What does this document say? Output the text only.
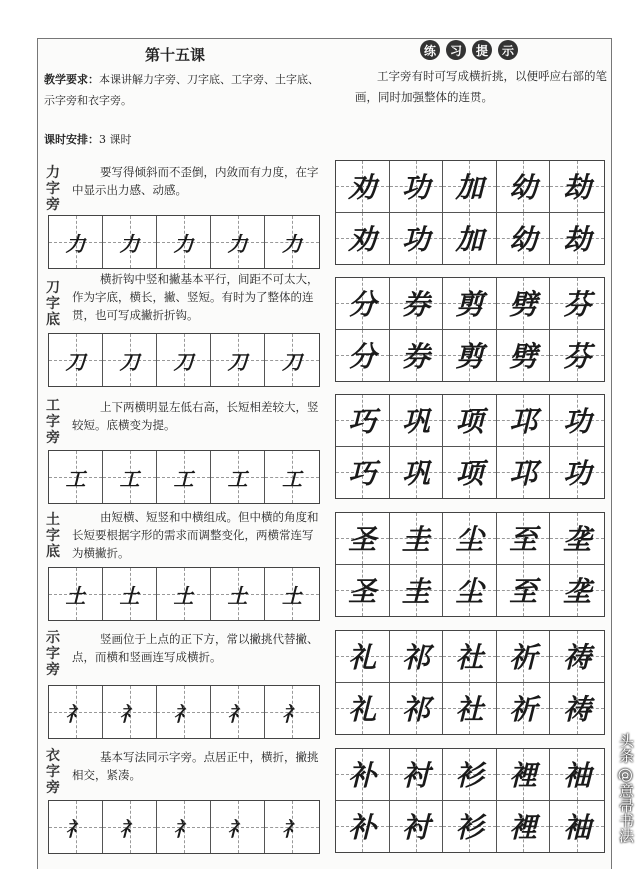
第十五课
教学要求：本课讲解力字旁、刀字底、工字旁、土字底、示字旁和衣字旁。
课时安排：3 课时
练	习	提	示
工字旁有时可写成横折挑，以便呼应右部的笔画，同时加强整体的连贯。
力字旁
要写得倾斜而不歪倒，内敛而有力度，在字中显示出力感、动感。
力 力 力 力 力
劝 功 加 幼 劫
劝 功 加 幼 劫
刀字底
横折钩中竖和撇基本平行，间距不可太大，作为字底，横长，撇、竖短。有时为了整体的连贯，也可写成撇折折钩。
刀 刀 刀 刀 刀
分 券 剪 劈 芬
分 券 剪 劈 芬
工字旁
上下两横明显左低右高，长短相差较大，竖较短。底横变为提。
工 工 工 工 工
巧 巩 项 邛 功
巧 巩 项 邛 功
土字底
由短横、短竖和中横组成。但中横的角度和长短要根据字形的需求而调整变化，两横常连写为横撇折。
土 土 土 土 土
圣 圭 尘 至 垄
圣 圭 尘 至 垄
示字旁
竖画位于上点的正下方，常以撇挑代替撇、点，而横和竖画连写成横折。
礻 礻 礻 礻 礻
礼 祁 社 祈 祷
礼 祁 社 祈 祷
衣字旁
基本写法同示字旁。点居正中，横折，撇挑相交，紧凑。
礻 礻 礻 礻 礻
补 衬 衫 裡 袖
补 衬 衫 裡 袖 头条 @意帚书法
